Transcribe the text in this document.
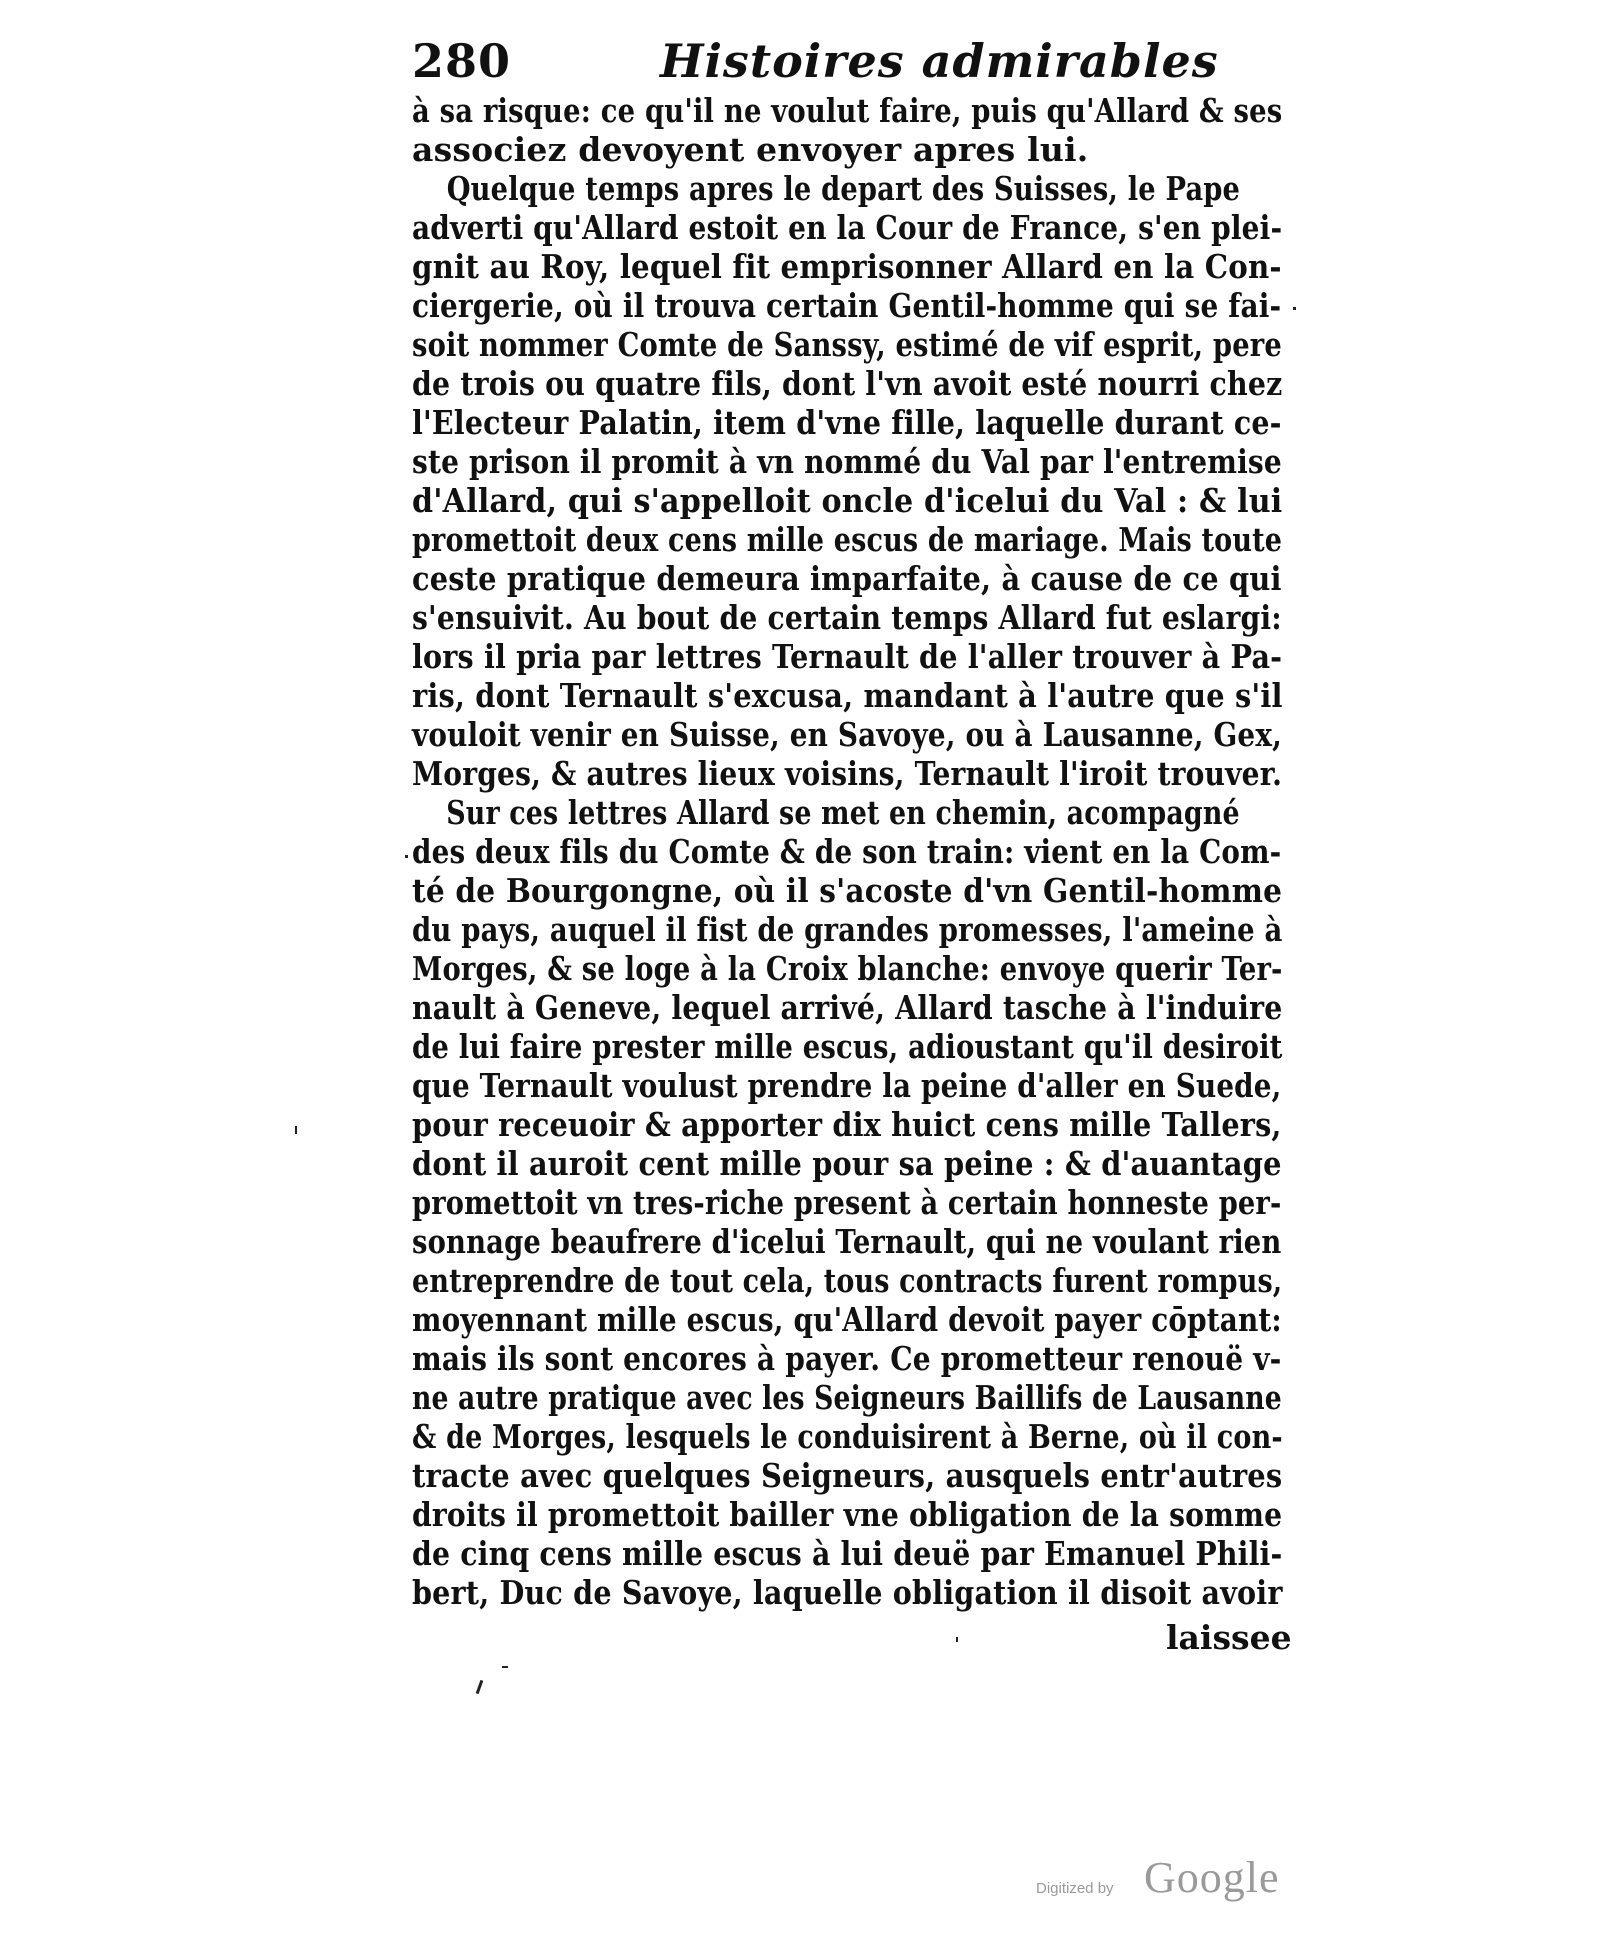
280	Histoires admirables
à sa risque: ce qu'il ne voulut faire, puis qu'Allard & ses
associez devoyent envoyer apres lui.
Quelque temps apres le depart des Suisses, le Pape
adverti qu'Allard estoit en la Cour de France, s'en plei-
gnit au Roy, lequel fit emprisonner Allard en la Con-
ciergerie, où il trouva certain Gentil-homme qui se fai-
soit nommer Comte de Sanssy, estimé de vif esprit, pere
de trois ou quatre fils, dont l'vn avoit esté nourri chez
l'Electeur Palatin, item d'vne fille, laquelle durant ce-
ste prison il promit à vn nommé du Val par l'entremise
d'Allard, qui s'appelloit oncle d'icelui du Val : & lui
promettoit deux cens mille escus de mariage. Mais toute
ceste pratique demeura imparfaite, à cause de ce qui
s'ensuivit. Au bout de certain temps Allard fut eslargi:
lors il pria par lettres Ternault de l'aller trouver à Pa-
ris, dont Ternault s'excusa, mandant à l'autre que s'il
vouloit venir en Suisse, en Savoye, ou à Lausanne, Gex,
Morges, & autres lieux voisins, Ternault l'iroit trouver.
Sur ces lettres Allard se met en chemin, acompagné
des deux fils du Comte & de son train: vient en la Com-
té de Bourgongne, où il s'acoste d'vn Gentil-homme
du pays, auquel il fist de grandes promesses, l'ameine à
Morges, & se loge à la Croix blanche: envoye querir Ter-
nault à Geneve, lequel arrivé, Allard tasche à l'induire
de lui faire prester mille escus, adioustant qu'il desiroit
que Ternault voulust prendre la peine d'aller en Suede,
pour receuoir & apporter dix huict cens mille Tallers,
dont il auroit cent mille pour sa peine : & d'auantage
promettoit vn tres-riche present à certain honneste per-
sonnage beaufrere d'icelui Ternault, qui ne voulant rien
entreprendre de tout cela, tous contracts furent rompus,
moyennant mille escus, qu'Allard devoit payer cōptant:
mais ils sont encores à payer. Ce prometteur renouë v-
ne autre pratique avec les Seigneurs Baillifs de Lausanne
& de Morges, lesquels le conduisirent à Berne, où il con-
tracte avec quelques Seigneurs, ausquels entr'autres
droits il promettoit bailler vne obligation de la somme
de cinq cens mille escus à lui deuë par Emanuel Phili-
bert, Duc de Savoye, laquelle obligation il disoit avoir
laissee
Digitized by Google
